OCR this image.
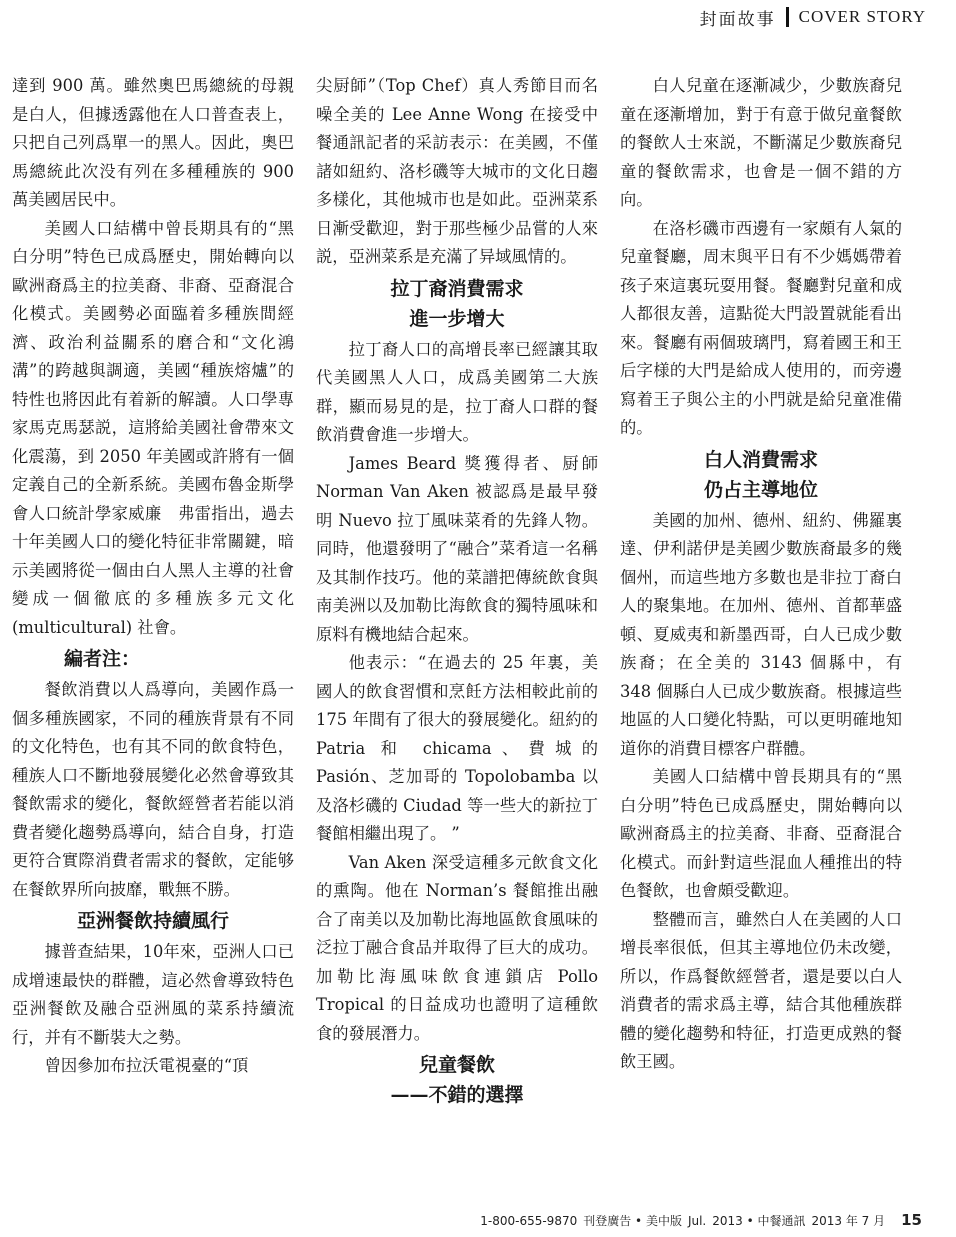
封面故事 COVER STORY

達到 900 萬。雖然奧巴馬總統的母親是白人，但據透露他在人口普查表上，只把自己列爲單一的黑人。因此，奧巴馬總統此次没有列在多種種族的 900 萬美國居民中。

美國人口結構中曾長期具有的“黑白分明”特色已成爲歷史，開始轉向以歐洲裔爲主的拉美裔、非裔、亞裔混合化模式。美國勢必面臨着多種族間經濟、政治利益關系的磨合和“文化鴻溝”的跨越與調適，美國“種族熔爐”的特性也將因此有着新的解讀。人口學專家馬克馬瑟説，這將給美國社會帶來文化震蕩，到 2050 年美國或許將有一個定義自己的全新系統。美國布魯金斯學會人口統計學家威廉　弗雷指出，過去十年美國人口的變化特征非常關鍵，暗示美國將從一個由白人黑人主導的社會變成一個徹底的多種族多元文化 (multicultural) 社會。

編者注：

餐飲消費以人爲導向，美國作爲一個多種族國家，不同的種族背景有不同的文化特色，也有其不同的飲食特色，種族人口不斷地發展變化必然會導致其餐飲需求的變化，餐飲經營者若能以消費者變化趨勢爲導向，結合自身，打造更符合實際消費者需求的餐飲，定能够在餐飲界所向披靡，戰無不勝。

亞洲餐飲持續風行

據普查結果，10年來，亞洲人口已成增速最快的群體，這必然會導致特色亞洲餐飲及融合亞洲風的菜系持續流行，并有不斷裝大之勢。

曾因參加布拉沃電視臺的“頂

尖厨師”（Top Chef）真人秀節目而名噪全美的 Lee Anne Wong 在接受中餐通訊記者的采訪表示：在美國，不僅諸如紐約、洛杉磯等大城市的文化日趨多樣化，其他城市也是如此。亞洲菜系日漸受歡迎，對于那些極少品嘗的人來説，亞洲菜系是充滿了异域風情的。

拉丁裔消費需求
進一步增大

拉丁裔人口的高增長率已經讓其取代美國黑人人口，成爲美國第二大族群，顯而易見的是，拉丁裔人口群的餐飲消費會進一步增大。

James Beard 獎獲得者、厨師 Norman Van Aken 被認爲是最早發明 Nuevo 拉丁風味菜肴的先鋒人物。同時，他還發明了“融合”菜肴這一名稱及其制作技巧。他的菜譜把傳統飲食與南美洲以及加勒比海飲食的獨特風味和原料有機地結合起來。

他表示：“在過去的 25 年裏，美國人的飲食習慣和烹飪方法相較此前的 175 年間有了很大的發展變化。紐約的 Patria 和 chicama、費城的 Pasión、芝加哥的 Topolobamba 以及洛杉磯的 Ciudad 等一些大的新拉丁餐館相繼出現了。 ”

Van Aken 深受這種多元飲食文化的熏陶。他在 Norman’s 餐館推出融合了南美以及加勒比海地區飲食風味的泛拉丁融合食品并取得了巨大的成功。加勒比海風味飲食連鎖店 Pollo Tropical 的日益成功也證明了這種飲食的發展潛力。

兒童餐飲
——不錯的選擇

白人兒童在逐漸减少，少數族裔兒童在逐漸增加，對于有意于做兒童餐飲的餐飲人士來説，不斷滿足少數族裔兒童的餐飲需求，也會是一個不錯的方向。

在洛杉磯市西邊有一家頗有人氣的兒童餐廳，周末與平日有不少媽媽帶着孩子來這裏玩耍用餐。餐廳對兒童和成人都很友善，這點從大門設置就能看出來。餐廳有兩個玻璃門，寫着國王和王后字様的大門是給成人使用的，而旁邊寫着王子與公主的小門就是給兒童准備的。

白人消費需求
仍占主導地位

美國的加州、德州、紐約、佛羅裏達、伊利諾伊是美國少數族裔最多的幾個州，而這些地方多數也是非拉丁裔白人的聚集地。在加州、德州、首都華盛頓、夏威夷和新墨西哥，白人已成少數族裔；在全美的 3143 個縣中，有 348 個縣白人已成少數族裔。根據這些地區的人口變化特點，可以更明確地知道你的消費目標客户群體。

美國人口結構中曾長期具有的“黑白分明”特色已成爲歷史，開始轉向以歐洲裔爲主的拉美裔、非裔、亞裔混合化模式。而針對這些混血人種推出的特色餐飲，也會頗受歡迎。

整體而言，雖然白人在美國的人口增長率很低，但其主導地位仍未改變，所以，作爲餐飲經營者，還是要以白人消費者的需求爲主導，結合其他種族群體的變化趨勢和特征，打造更成熟的餐飲王國。

1-800-655-9870 刊登廣告 • 美中版 Jul. 2013 • 中餐通訊 2013 年 7 月 15
